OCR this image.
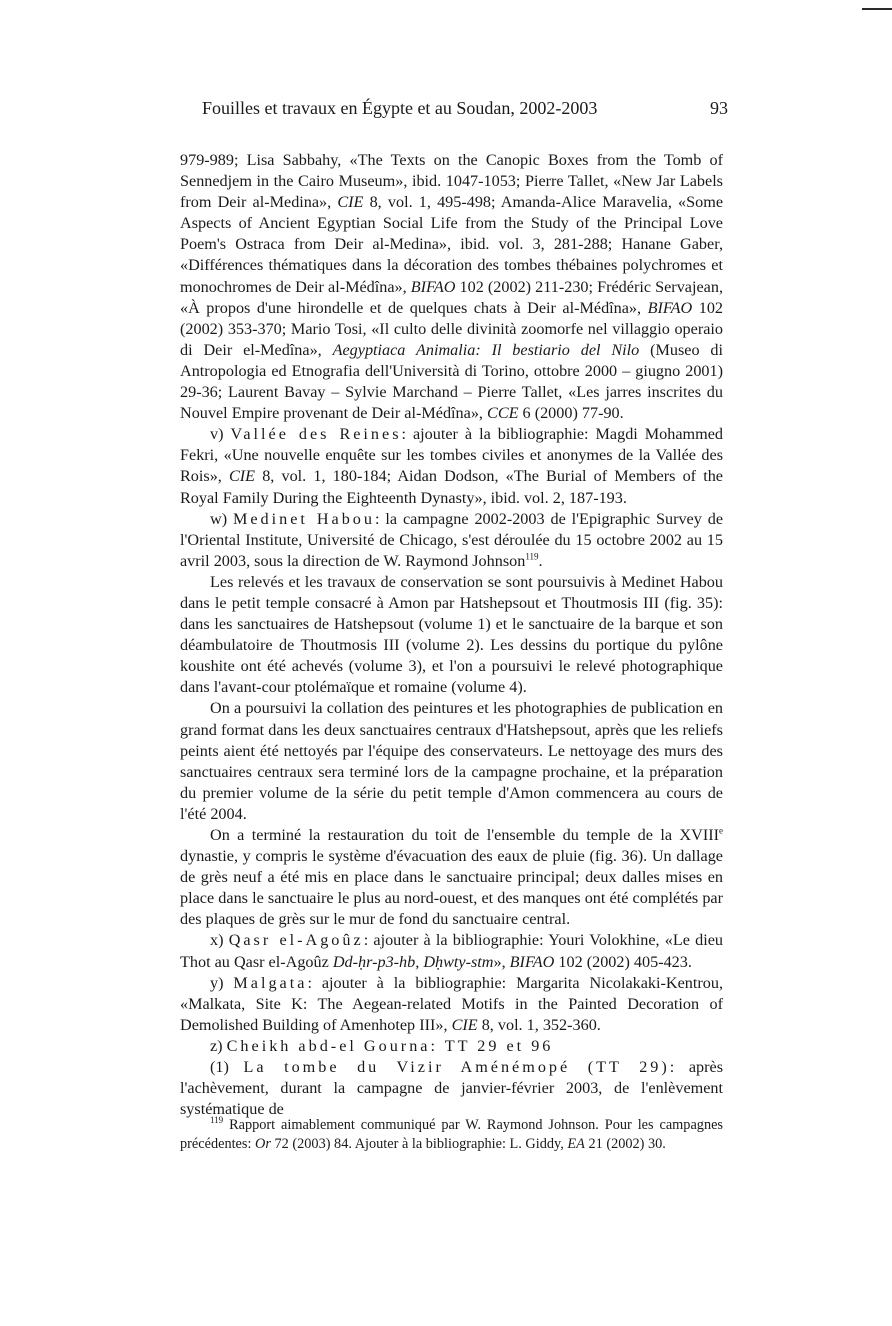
Fouilles et travaux en Égypte et au Soudan, 2002-2003	93

979-989; Lisa Sabbahy, «The Texts on the Canopic Boxes from the Tomb of Sennedjem in the Cairo Museum», ibid. 1047-1053; Pierre Tallet, «New Jar Labels from Deir al-Medina», CIE 8, vol. 1, 495-498; Amanda-Alice Maravelia, «Some Aspects of Ancient Egyptian Social Life from the Study of the Principal Love Poem's Ostraca from Deir al-Medina», ibid. vol. 3, 281-288; Hanane Gaber, «Différences thématiques dans la décoration des tombes thébaines polychromes et monochromes de Deir al-Médîna», BIFAO 102 (2002) 211-230; Frédéric Servajean, «À propos d'une hirondelle et de quelques chats à Deir al-Médîna», BIFAO 102 (2002) 353-370; Mario Tosi, «Il culto delle divinità zoomorfe nel villaggio operaio di Deir el-Medîna», Aegyptiaca Animalia: Il bestiario del Nilo (Museo di Antropologia ed Etnografia dell'Università di Torino, ottobre 2000 – giugno 2001) 29-36; Laurent Bavay – Sylvie Marchand – Pierre Tallet, «Les jarres inscrites du Nouvel Empire provenant de Deir al-Médîna», CCE 6 (2000) 77-90.

v) Vallée des Reines: ajouter à la bibliographie: Magdi Mohammed Fekri, «Une nouvelle enquête sur les tombes civiles et anonymes de la Vallée des Rois», CIE 8, vol. 1, 180-184; Aidan Dodson, «The Burial of Members of the Royal Family During the Eighteenth Dynasty», ibid. vol. 2, 187-193.

w) Medinet Habou: la campagne 2002-2003 de l'Epigraphic Survey de l'Oriental Institute, Université de Chicago, s'est déroulée du 15 octobre 2002 au 15 avril 2003, sous la direction de W. Raymond Johnson$^{119}$.

Les relevés et les travaux de conservation se sont poursuivis à Medinet Habou dans le petit temple consacré à Amon par Hatshepsout et Thoutmosis III (fig. 35): dans les sanctuaires de Hatshepsout (volume 1) et le sanctuaire de la barque et son déambulatoire de Thoutmosis III (volume 2). Les dessins du portique du pylône koushite ont été achevés (volume 3), et l'on a poursuivi le relevé photographique dans l'avant-cour ptolémaïque et romaine (volume 4).

On a poursuivi la collation des peintures et les photographies de publication en grand format dans les deux sanctuaires centraux d'Hatshepsout, après que les reliefs peints aient été nettoyés par l'équipe des conservateurs. Le nettoyage des murs des sanctuaires centraux sera terminé lors de la campagne prochaine, et la préparation du premier volume de la série du petit temple d'Amon commencera au cours de l'été 2004.

On a terminé la restauration du toit de l'ensemble du temple de la XVIIIe dynastie, y compris le système d'évacuation des eaux de pluie (fig. 36). Un dallage de grès neuf a été mis en place dans le sanctuaire principal; deux dalles mises en place dans le sanctuaire le plus au nord-ouest, et des manques ont été complétés par des plaques de grès sur le mur de fond du sanctuaire central.

x) Qasr el-Agoûz: ajouter à la bibliographie: Youri Volokhine, «Le dieu Thot au Qasr el-Agoûz Dd-ḥr-p3-hb, Dḥwty-stm», BIFAO 102 (2002) 405-423.

y) Malgata: ajouter à la bibliographie: Margarita Nicolakaki-Kentrou, «Malkata, Site K: The Aegean-related Motifs in the Painted Decoration of Demolished Building of Amenhotep III», CIE 8, vol. 1, 352-360.

z) Cheikh abd-el Gourna: TT 29 et 96

(1) La tombe du Vizir Aménémopé (TT 29): après l'achèvement, durant la campagne de janvier-février 2003, de l'enlèvement systématique de

$^{119}$ Rapport aimablement communiqué par W. Raymond Johnson. Pour les campagnes précédentes: Or 72 (2003) 84. Ajouter à la bibliographie: L. Giddy, EA 21 (2002) 30.
